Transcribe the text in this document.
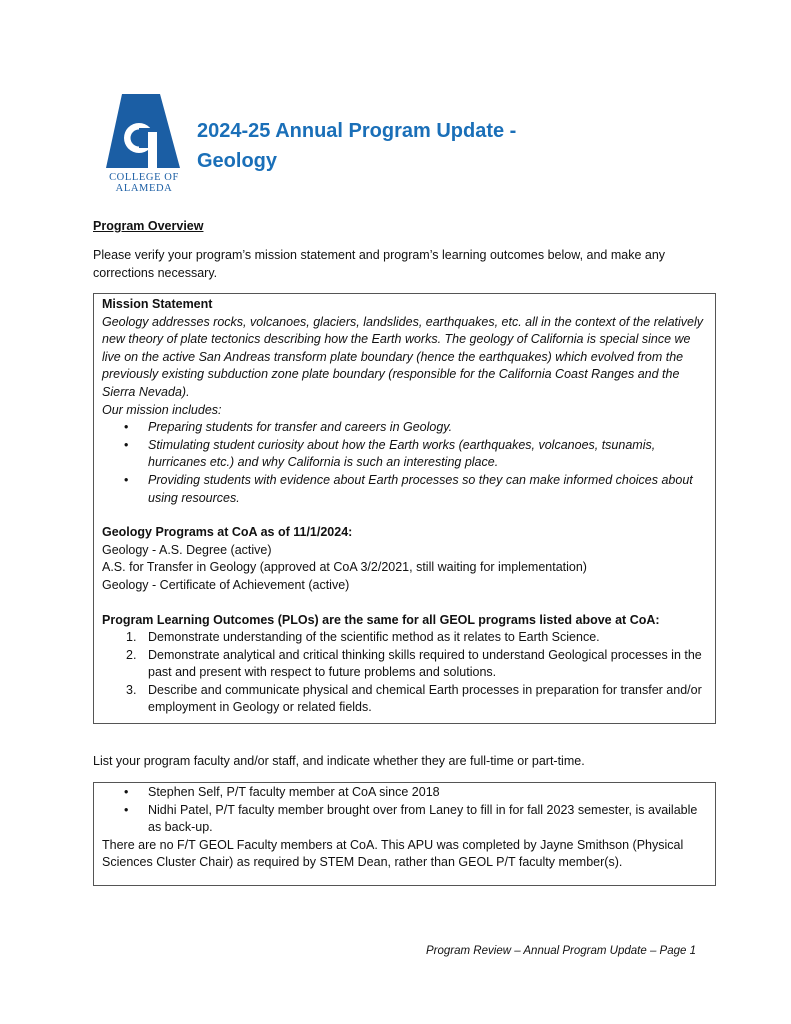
COLLEGE OF
ALAMEDA
2024-25 Annual Program Update -
Geology
Program Overview
Please verify your program’s mission statement and program’s learning outcomes below, and make any corrections necessary.
Mission Statement
Geology addresses rocks, volcanoes, glaciers, landslides, earthquakes, etc. all in the context of the relatively new theory of plate tectonics describing how the Earth works. The geology of California is special since we live on the active San Andreas transform plate boundary (hence the earthquakes) which evolved from the previously existing subduction zone plate boundary (responsible for the California Coast Ranges and the Sierra Nevada).
Our mission includes:
• Preparing students for transfer and careers in Geology.
• Stimulating student curiosity about how the Earth works (earthquakes, volcanoes, tsunamis, hurricanes etc.) and why California is such an interesting place.
• Providing students with evidence about Earth processes so they can make informed choices about using resources.
Geology Programs at CoA as of 11/1/2024:
Geology - A.S. Degree (active)
A.S. for Transfer in Geology (approved at CoA 3/2/2021, still waiting for implementation)
Geology - Certificate of Achievement (active)
Program Learning Outcomes (PLOs) are the same for all GEOL programs listed above at CoA:
1. Demonstrate understanding of the scientific method as it relates to Earth Science.
2. Demonstrate analytical and critical thinking skills required to understand Geological processes in the past and present with respect to future problems and solutions.
3. Describe and communicate physical and chemical Earth processes in preparation for transfer and/or employment in Geology or related fields.
List your program faculty and/or staff, and indicate whether they are full-time or part-time.
• Stephen Self, P/T faculty member at CoA since 2018
• Nidhi Patel, P/T faculty member brought over from Laney to fill in for fall 2023 semester, is available as back-up.
There are no F/T GEOL Faculty members at CoA. This APU was completed by Jayne Smithson (Physical Sciences Cluster Chair) as required by STEM Dean, rather than GEOL P/T faculty member(s).
Program Review – Annual Program Update – Page 1
